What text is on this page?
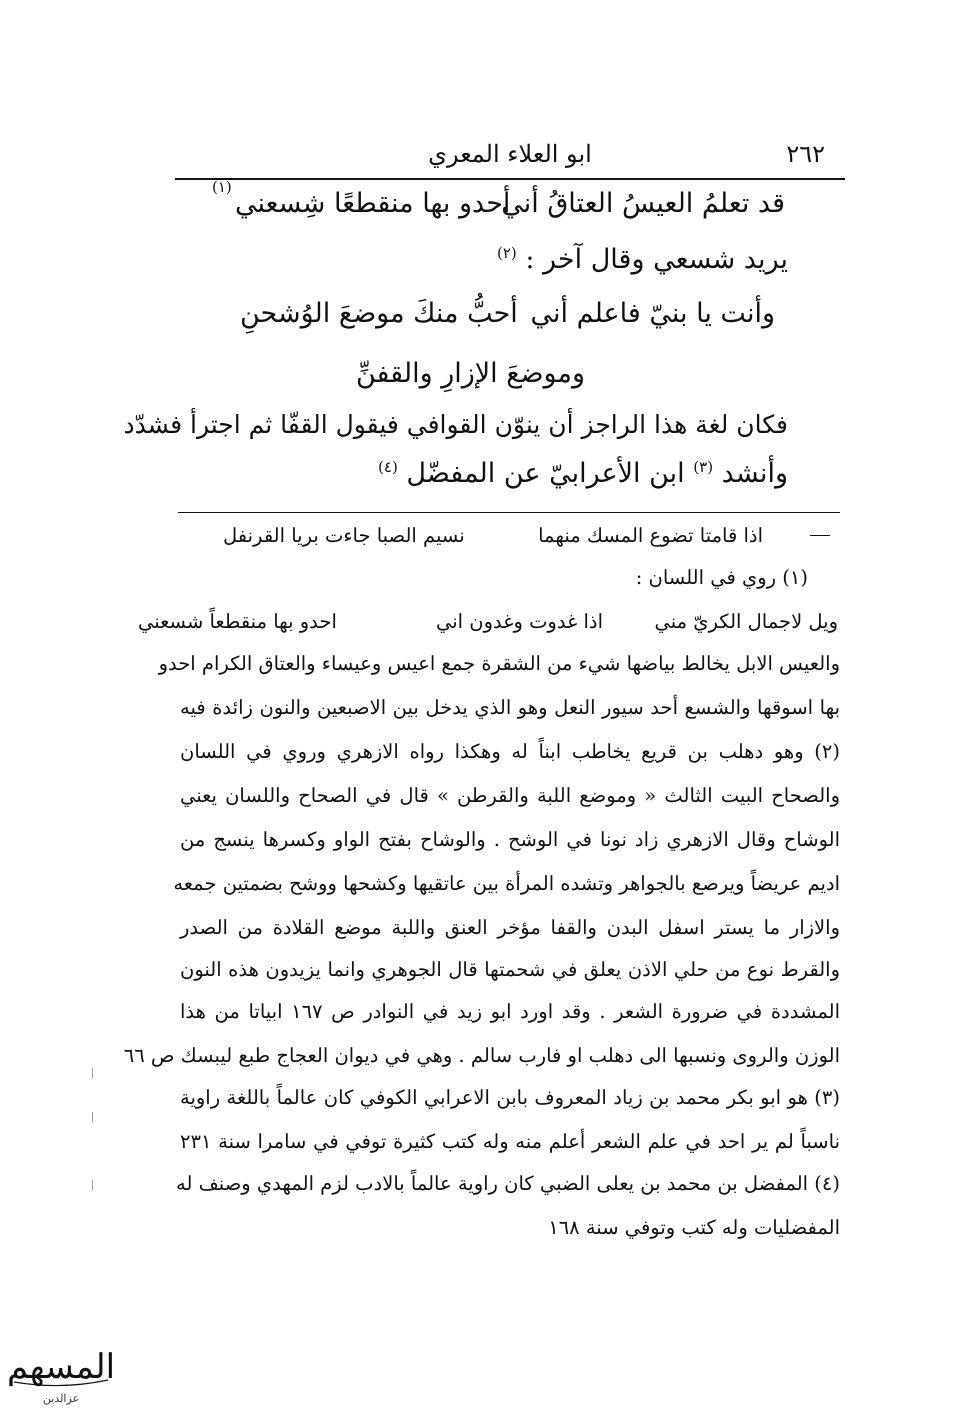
٢٦٢
ابو العلاء المعري
قد تعلمُ العيسُ العتاقُ أني
أحدو بها منقطعًا شِسعني
(١)
يريد شسعي وقال آخر : $^{(٢)}$
وأنت يا بنيّ فاعلم أني
أحبُّ منكَ موضعَ الوُشحنِ
وموضعَ الإزارِ والقفنِّ
فكان لغة هذا الراجز أن ينوّن القوافي فيقول القفّا ثم اجترأ فشدّد
وأنشد $^{(٣)}$ ابن الأعرابيّ عن المفضّل $^{(٤)}$
اذا قامتا تضوع المسك منهما
نسيم الصبا جاءت بريا القرنفل
(١) روي في اللسان :
ويل لاجمال الكريّ مني
اذا غدوت وغدون اني
احدو بها منقطعاً شسعني
والعيس الابل يخالط بياضها شيء من الشقرة جمع اعيس وعيساء والعتاق الكرام احدو
بها اسوقها والشسع أحد سيور النعل وهو الذي يدخل بين الاصبعين والنون زائدة فيه
(٢) وهو دهلب بن قريع يخاطب ابناً له وهكذا رواه الازهري وروي في اللسان
والصحاح البيت الثالث « وموضع اللبة والقرطن » قال في الصحاح واللسان يعني
الوشاح وقال الازهري زاد نونا في الوشح . والوشاح بفتح الواو وكسرها ينسج من
اديم عريضاً ويرصع بالجواهر وتشده المرأة بين عاتقيها وكشحها ووشح بضمتين جمعه
والازار ما يستر اسفل البدن والقفا مؤخر العنق واللبة موضع القلادة من الصدر
والقرط نوع من حلي الاذن يعلق في شحمتها قال الجوهري وانما يزيدون هذه النون
المشددة في ضرورة الشعر . وقد اورد ابو زيد في النوادر ص ١٦٧ ابياتا من هذا
الوزن والروى ونسبها الى دهلب او فارب سالم . وهي في ديوان العجاج طبع ليبسك ص ٦٦
(٣) هو ابو بكر محمد بن زياد المعروف بابن الاعرابي الكوفي كان عالماً باللغة راوية
ناسباً لم ير احد في علم الشعر أعلم منه وله كتب كثيرة توفي في سامرا سنة ٢٣١
(٤) المفضل بن محمد بن يعلى الضبي كان راوية عالماً بالادب لزم المهدي وصنف له
المفضليات وله كتب وتوفي سنة ١٦٨
المسهم
عزالدين
